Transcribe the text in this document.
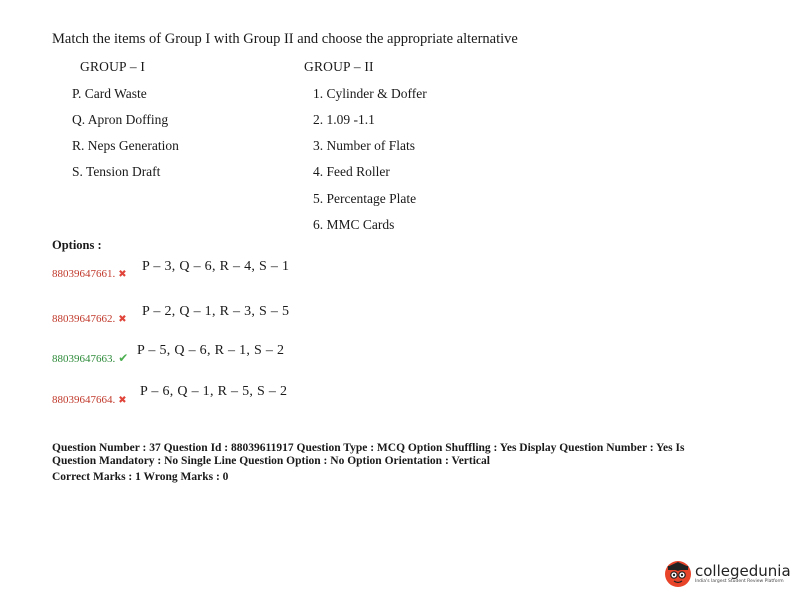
Match the items of Group I with Group II and choose the appropriate alternative
GROUP – I	GROUP – II
P. Card Waste
Q. Apron Doffing
R. Neps Generation
S. Tension Draft
1. Cylinder & Doffer
2. 1.09 -1.1
3. Number of Flats
4. Feed Roller
5. Percentage Plate
6. MMC Cards
Options :
88039647661. ✖
P – 3, Q – 6, R – 4, S – 1
88039647662. ✖
P – 2, Q – 1, R – 3, S – 5
88039647663. ✔ P – 5, Q – 6, R – 1, S – 2
88039647664. ✖
P – 6, Q – 1, R – 5, S – 2
Question Number : 37 Question Id : 88039611917 Question Type : MCQ Option Shuffling : Yes Display Question Number : Yes Is
Question Mandatory : No Single Line Question Option : No Option Orientation : Vertical
Correct Marks : 1 Wrong Marks : 0
collegedunia
India's largest Student Review Platform
